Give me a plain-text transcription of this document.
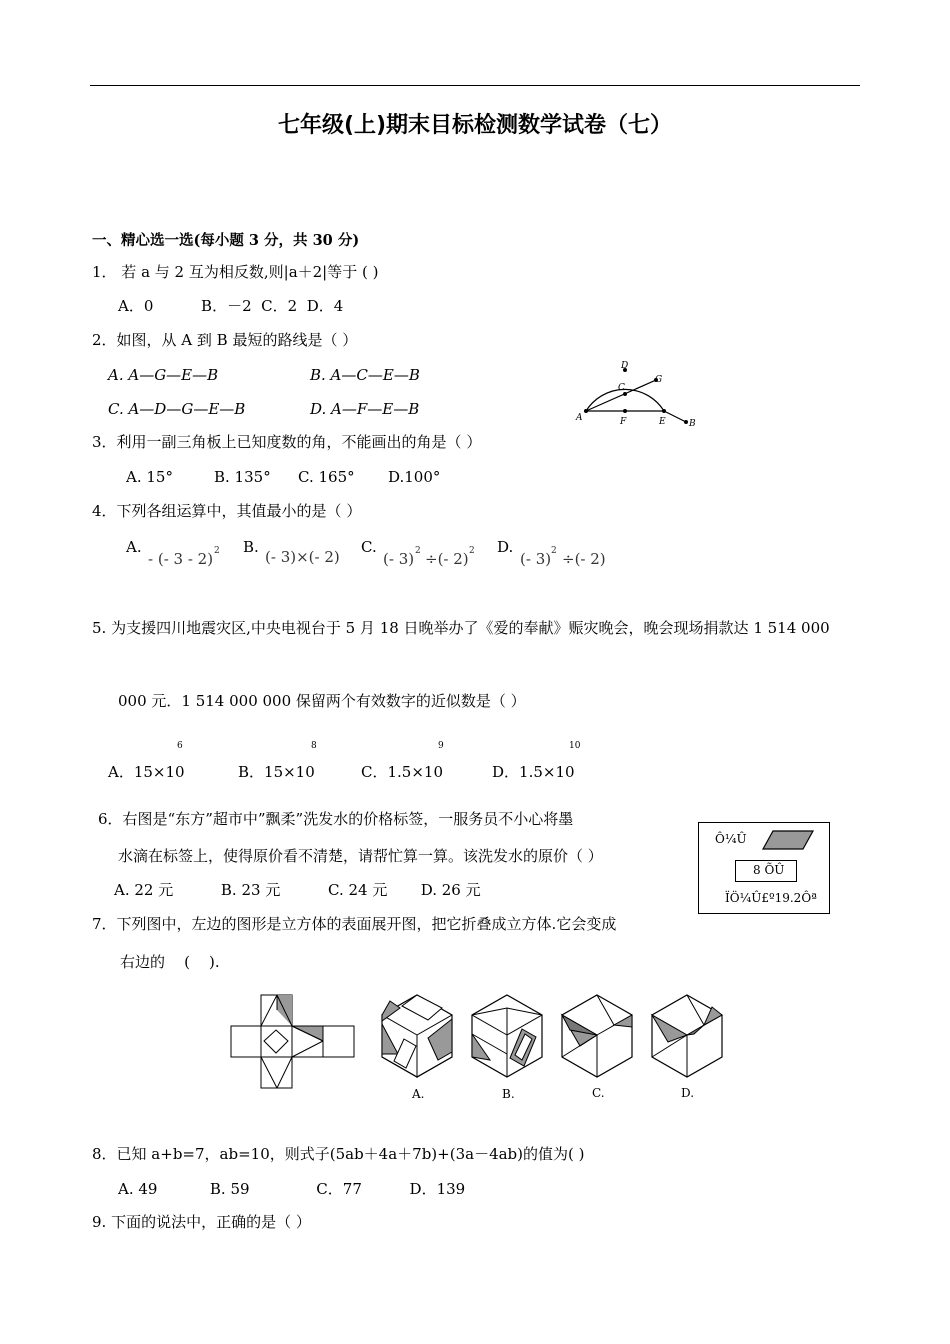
七年级(上)期末目标检测数学试卷（七）
一、精心选一选(每小题 3 分，共 30 分)
1． 若 a 与 2 互为相反数,则|a＋2|等于 ( )
A．0          B．－2  C．2  D．4
2．如图，从 A 到 B 最短的路线是（ ）
A. A—G—E—B	B. A—C—E—B
C. A—D—G—E—B	D. A—F—E—B	A
D
C
G
F	E	B
3．利用一副三角板上已知度数的角，不能画出的角是（ ）
A. 15°	B. 135° C. 165° D.100°
4．下列各组运算中，其值最小的是（ ）
A.
- (- 3 - 2) 2 B.
(- 3)×(- 2)
C.
(- 3) 2 ÷(- 2) 2 D.
(- 3) 2 ÷(- 2)
5. 为支援四川地震灾区,中央电视台于 5 月 18 日晚举办了《爱的奉献》赈灾晚会，晚会现场捐款达 1 514 000
000 元．1 514 000 000 保留两个有效数字的近似数是（ ）
6
A．15×10
8
B．15×10
9
C．1.5×10
10
D．1.5×10
6．右图是“东方”超市中”飘柔”洗发水的价格标签，一服务员不小心将墨
水滴在标签上，使得原价看不清楚，请帮忙算一算。该洗发水的原价（ ）
A. 22 元          B. 23 元          C. 24 元       D. 26 元
Ô¼Û
8 ÕÛ
ÏÖ¼Û£º19.2Ôª
7．下列图中，左边的图形是立方体的表面展开图，把它折叠成立方体.它会变成
右边的    (    ).
A.	B.	C.	D.
8．已知 a+b=7，ab=10，则式子(5ab＋4a＋7b)+(3a－4ab)的值为( )
A. 49           B. 59              C．77          D．139
9. 下面的说法中，正确的是（ ）
